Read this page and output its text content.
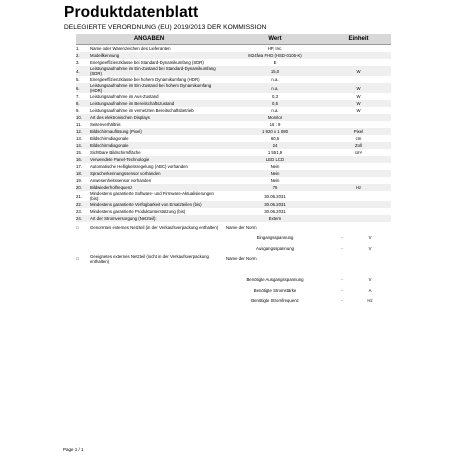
Produktdatenblatt
DELEGIERTE VERORDNUNG (EU) 2019/2013 DER KOMMISSION
ANGABEN		Wert	Einheit
1.	Name oder Warenzeichen des Lieferanten	HP, Inc.	
2.	Modellkennung	M24fwa FHD (HSD-0105-K)	
3.	Energieeffizienzklasse bei Standard-Dynamikumfang (SDR)	E	
4.	Leistungsaufnahme im Ein-Zustand bei Standard-Dynamikumfang (SDR)	15,0	W
5.	Energieeffizienzklasse bei hohem Dynamikumfang (HDR)	n.a.	
6.	Leistungsaufnahme im Ein-Zustand bei hohem Dynamikumfang (HDR)	n.a.	W
7.	Leistungsaufnahme im Aus-Zustand	0,3	W
8.	Leistungsaufnahme im Bereitschaftszustand	0,5	W
9.	Leistungsaufnahme im vernetzten Bereitschaftsbetrieb	n.a.	W
10.	Art des elektronischen Displays	Monitor	
11.	Seitenverhältnis	16 : 9	
12.	Bildschirmauflösung (Pixel)	1 920 x 1 080	Pixel
13.	Bildschirmdiagonale	60,5	cm
14.	Bildschirmdiagonale	24	Zoll
15.	Sichtbare Bildschirmfläche	1 551,9	cm²
16.	Verwendete Panel-Technologie	LED LCD	
17.	Automatische Helligkeitsregelung (ABC) vorhanden	Nein	
18.	Spracherkennungssensor vorhanden	Nein	
19.	Anwesenheitssensor vorhanden	Nein	
20.	Bildwiederholfrequenz	75	Hz
21.	Mindestens garantierte Software- und Firmware-Aktualisierungen (bis):	30.06.2031	
22.	Mindestens garantierte Verfügbarkeit von Ersatzteilen (bis)	30.06.2031	
23.	Mindestens garantierte Produktunterstützung (bis)	30.06.2031	
24.	Art der Stromversorgung (Netzteil):	Extern	
□	Genormtes externes Netzteil (in der Verkaufsverpackung enthalten)	Name der Norm	
		Eingangsspannung	- V
		Ausgangsspannung	- V
□	Geeignetes externes Netzteil (nicht in der Verkaufsverpackung enthalten)	Name der Norm	

		Benötigte Ausgangsspannung	- V
		Benötigte Stromstärke	- A
		Benötigte Stromfrequenz	- Hz
Page 1 / 1
